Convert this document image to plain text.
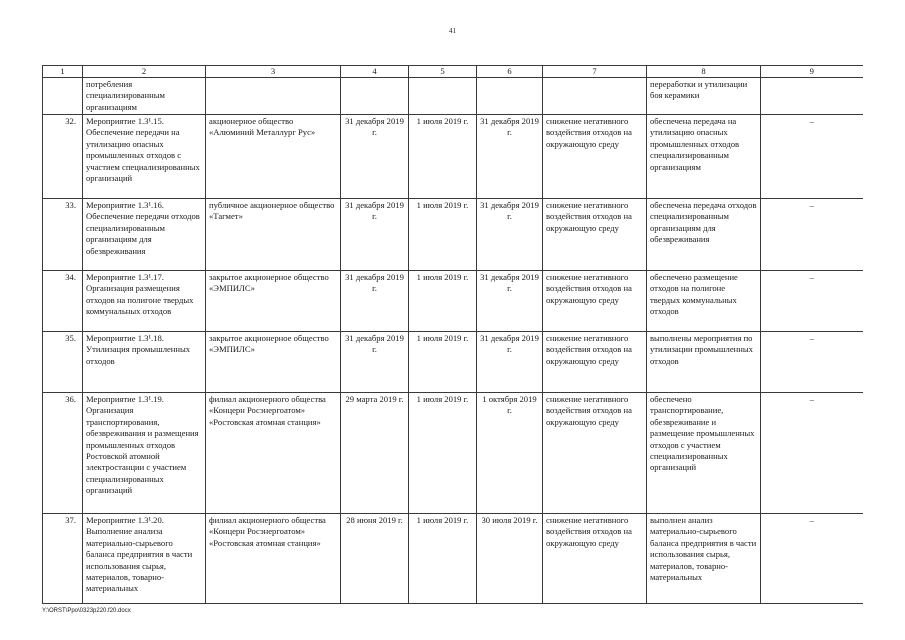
41
1	2	3	4	5	6	7	8	9
	потребления специализированным организациям						переработки и утилизации боя керамики	
32.	Мероприятие 1.3¹.15. Обеспечение передачи на утилизацию опасных промышленных отходов с участием специализированных организаций	акционерное общество «Алюминий Металлург Рус»	31 декабря 2019 г.	1 июля 2019 г.	31 декабря 2019 г.	снижение негативного воздействия отходов на окружающую среду	обеспечена передача на утилизацию опасных промышленных отходов специализированным организациям	–
33.	Мероприятие 1.3¹.16. Обеспечение передачи отходов специализированным организациям для обезвреживания	публичное акционерное общество «Тагмет»	31 декабря 2019 г.	1 июля 2019 г.	31 декабря 2019 г.	снижение негативного воздействия отходов на окружающую среду	обеспечена передача отходов специализированным организациям для обезвреживания	–
34.	Мероприятие 1.3¹.17. Организация размещения отходов на полигоне твердых коммунальных отходов	закрытое акционерное общество «ЭМПИЛС»	31 декабря 2019 г.	1 июля 2019 г.	31 декабря 2019 г.	снижение негативного воздействия отходов на окружающую среду	обеспечено размещение отходов на полигоне твердых коммунальных отходов	–
35.	Мероприятие 1.3¹.18. Утилизация промышленных отходов	закрытое акционерное общество «ЭМПИЛС»	31 декабря 2019 г.	1 июля 2019 г.	31 декабря 2019 г.	снижение негативного воздействия отходов на окружающую среду	выполнены мероприятия по утилизации промышленных отходов	–
36.	Мероприятие 1.3¹.19. Организация транспортирования, обезвреживания и размещения промышленных отходов Ростовской атомной электростанции с участием специализированных организаций	филиал акционерного общества «Концерн Росэнергоатом» «Ростовская атомная станция»	29 марта 2019 г.	1 июля 2019 г.	1 октября 2019 г.	снижение негативного воздействия отходов на окружающую среду	обеспечено транспортирование, обезвреживание и размещение промышленных отходов с участием специализированных организаций	–
37.	Мероприятие 1.3¹.20. Выполнение анализа материально-сырьевого баланса предприятия в части использования сырья, материалов, товарно-материальных	филиал акционерного общества «Концерн Росэнергоатом» «Ростовская атомная станция»	28 июня 2019 г.	1 июля 2019 г.	30 июля 2019 г.	снижение негативного воздействия отходов на окружающую среду	выполнен анализ материально-сырьевого баланса предприятия в части использования сырья, материалов, товарно-материальных	–
Y:\ORST\Ppo\0323p220.f20.docx
